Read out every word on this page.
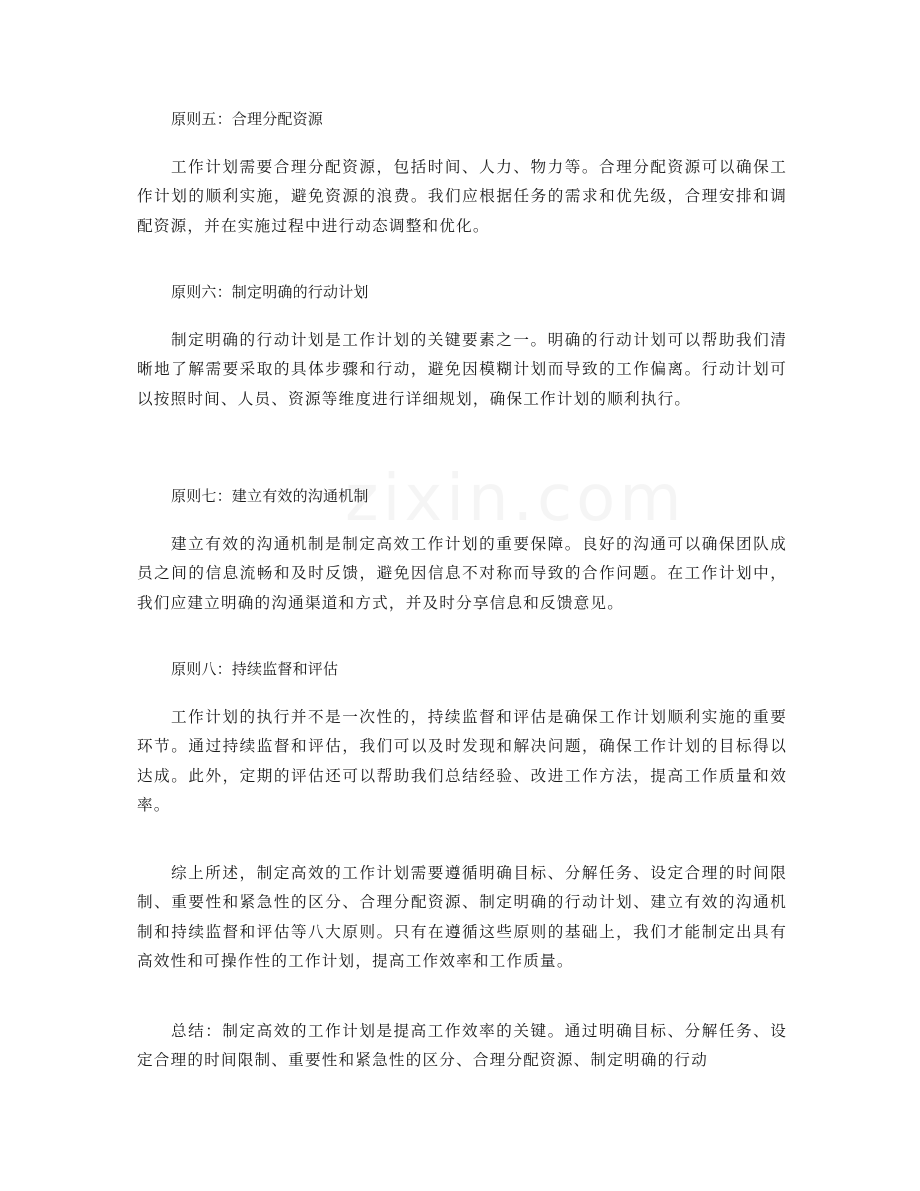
原则五：合理分配资源

工作计划需要合理分配资源，包括时间、人力、物力等。合理分配资源可以确保工作计划的顺利实施，避免资源的浪费。我们应根据任务的需求和优先级，合理安排和调配资源，并在实施过程中进行动态调整和优化。

原则六：制定明确的行动计划

制定明确的行动计划是工作计划的关键要素之一。明确的行动计划可以帮助我们清晰地了解需要采取的具体步骤和行动，避免因模糊计划而导致的工作偏离。行动计划可以按照时间、人员、资源等维度进行详细规划，确保工作计划的顺利执行。

原则七：建立有效的沟通机制

建立有效的沟通机制是制定高效工作计划的重要保障。良好的沟通可以确保团队成员之间的信息流畅和及时反馈，避免因信息不对称而导致的合作问题。在工作计划中，我们应建立明确的沟通渠道和方式，并及时分享信息和反馈意见。

原则八：持续监督和评估

工作计划的执行并不是一次性的，持续监督和评估是确保工作计划顺利实施的重要环节。通过持续监督和评估，我们可以及时发现和解决问题，确保工作计划的目标得以达成。此外，定期的评估还可以帮助我们总结经验、改进工作方法，提高工作质量和效率。

综上所述，制定高效的工作计划需要遵循明确目标、分解任务、设定合理的时间限制、重要性和紧急性的区分、合理分配资源、制定明确的行动计划、建立有效的沟通机制和持续监督和评估等八大原则。只有在遵循这些原则的基础上，我们才能制定出具有高效性和可操作性的工作计划，提高工作效率和工作质量。

总结：制定高效的工作计划是提高工作效率的关键。通过明确目标、分解任务、设定合理的时间限制、重要性和紧急性的区分、合理分配资源、制定明确的行动
